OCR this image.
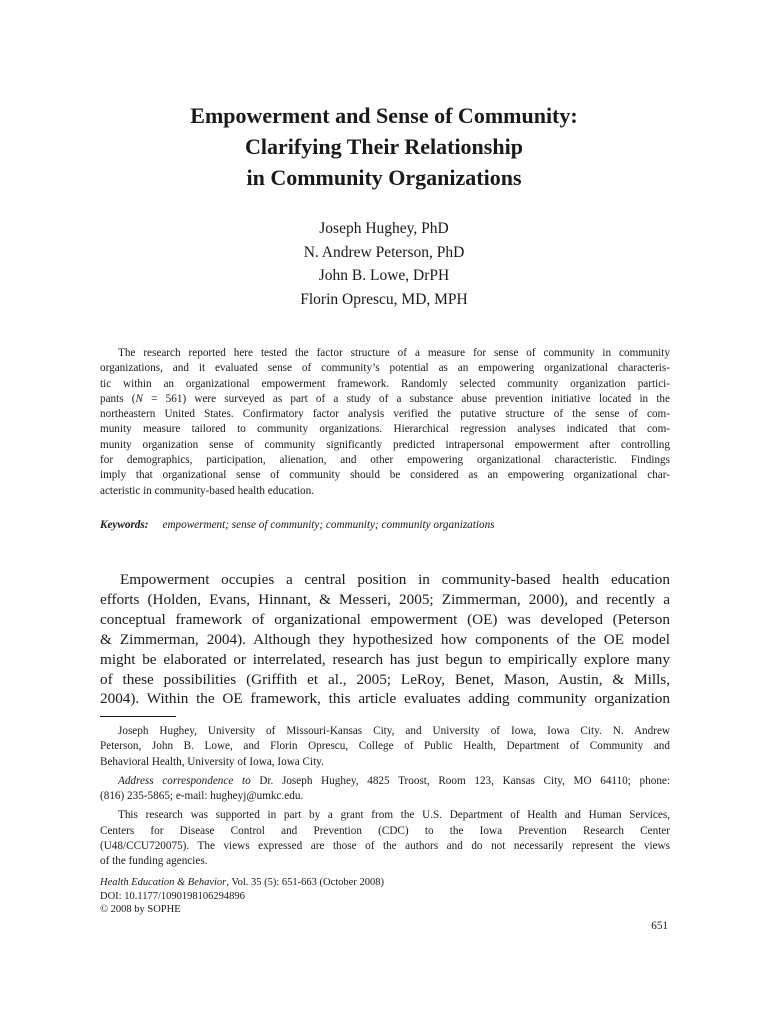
Empowerment and Sense of Community:
Clarifying Their Relationship
in Community Organizations
Joseph Hughey, PhD
N. Andrew Peterson, PhD
John B. Lowe, DrPH
Florin Oprescu, MD, MPH
The research reported here tested the factor structure of a measure for sense of community in community
organizations, and it evaluated sense of community’s potential as an empowering organizational characteris-
tic within an organizational empowerment framework. Randomly selected community organization partici-
pants (N = 561) were surveyed as part of a study of a substance abuse prevention initiative located in the
northeastern United States. Confirmatory factor analysis verified the putative structure of the sense of com-
munity measure tailored to community organizations. Hierarchical regression analyses indicated that com-
munity organization sense of community significantly predicted intrapersonal empowerment after controlling
for demographics, participation, alienation, and other empowering organizational characteristic. Findings
imply that organizational sense of community should be considered as an empowering organizational char-
acteristic in community-based health education.
Keywords: empowerment; sense of community; community; community organizations
Empowerment occupies a central position in community-based health education
efforts (Holden, Evans, Hinnant, & Messeri, 2005; Zimmerman, 2000), and recently a
conceptual framework of organizational empowerment (OE) was developed (Peterson
& Zimmerman, 2004). Although they hypothesized how components of the OE model
might be elaborated or interrelated, research has just begun to empirically explore many
of these possibilities (Griffith et al., 2005; LeRoy, Benet, Mason, Austin, & Mills,
2004). Within the OE framework, this article evaluates adding community organization
Joseph Hughey, University of Missouri-Kansas City, and University of Iowa, Iowa City. N. Andrew
Peterson, John B. Lowe, and Florin Oprescu, College of Public Health, Department of Community and
Behavioral Health, University of Iowa, Iowa City.
Address correspondence to Dr. Joseph Hughey, 4825 Troost, Room 123, Kansas City, MO 64110; phone:
(816) 235-5865; e-mail: hugheyj@umkc.edu.
This research was supported in part by a grant from the U.S. Department of Health and Human Services,
Centers for Disease Control and Prevention (CDC) to the Iowa Prevention Research Center
(U48/CCU720075). The views expressed are those of the authors and do not necessarily represent the views
of the funding agencies.
Health Education & Behavior, Vol. 35 (5): 651-663 (October 2008)
DOI: 10.1177/1090198106294896
© 2008 by SOPHE
651
